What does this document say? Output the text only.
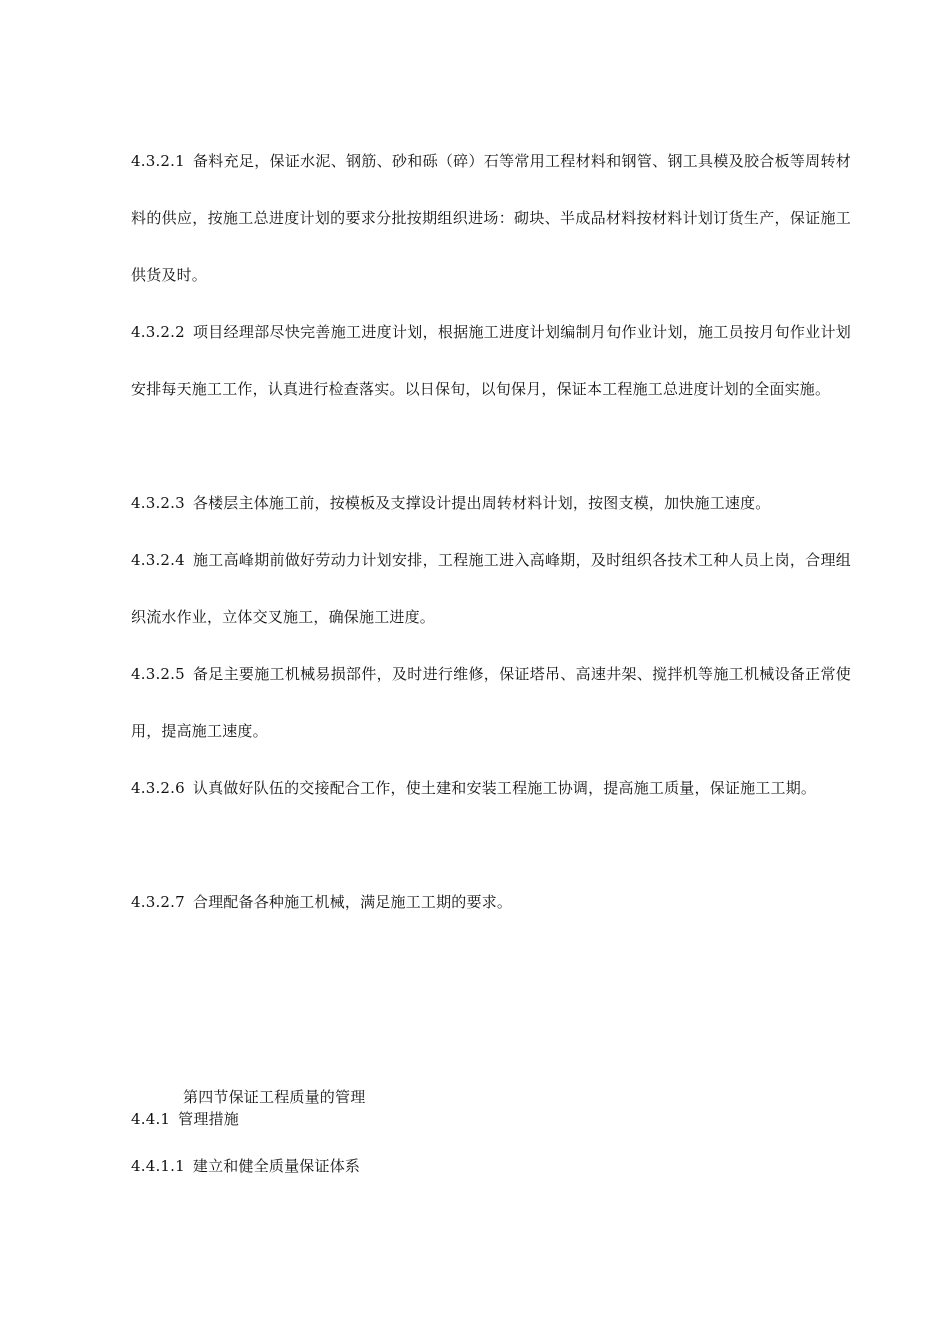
4.3.2.1 备料充足，保证水泥、钢筋、砂和砾（碎）石等常用工程材料和钢管、钢工具模及胶合板等周转材料的供应，按施工总进度计划的要求分批按期组织进场：砌块、半成品材料按材料计划订货生产，保证施工供货及时。

4.3.2.2 项目经理部尽快完善施工进度计划，根据施工进度计划编制月旬作业计划，施工员按月旬作业计划安排每天施工工作，认真进行检查落实。以日保旬，以旬保月，保证本工程施工总进度计划的全面实施。

4.3.2.3 各楼层主体施工前，按模板及支撑设计提出周转材料计划，按图支模，加快施工速度。

4.3.2.4 施工高峰期前做好劳动力计划安排，工程施工进入高峰期，及时组织各技术工种人员上岗，合理组织流水作业，立体交叉施工，确保施工进度。

4.3.2.5 备足主要施工机械易损部件，及时进行维修，保证塔吊、高速井架、搅拌机等施工机械设备正常使用，提高施工速度。

4.3.2.6 认真做好队伍的交接配合工作，使土建和安装工程施工协调，提高施工质量，保证施工工期。

4.3.2.7 合理配备各种施工机械，满足施工工期的要求。

第四节保证工程质量的管理

4.4.1 管理措施

4.4.1.1 建立和健全质量保证体系
